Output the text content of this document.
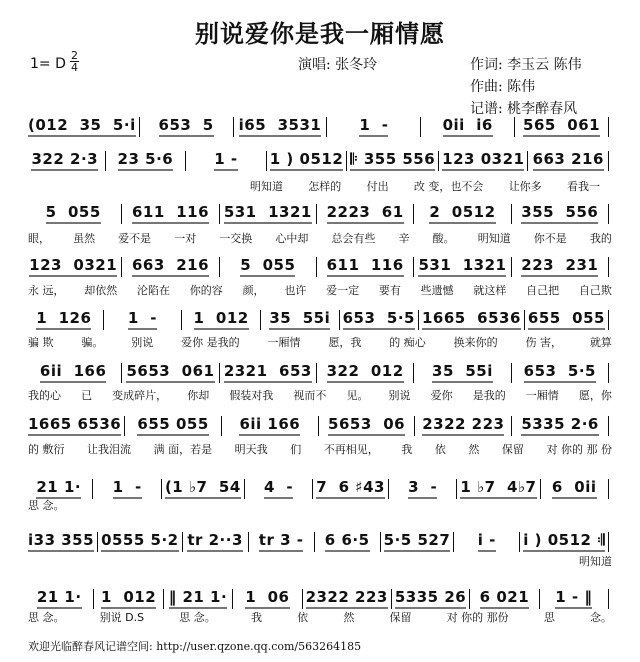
别说爱你是我一厢情愿
1= D
2
4	演唱: 张冬玲	作词: 李玉云 陈伟
作曲: 陈伟
记谱: 桃李醉春风
(012  35  5·i 653  5 i65  3531	1  -	0ii  i6 565  061
322 2·3 23 5·6	1 - 1 ) 0512 𝄆 355 556 123 0321 663 216
明知道 怎样的 付出 改 变，也不会 让你多 看我一
5  055 611  116 531  1321 2223  61 2  0512 355  556
眼， 虽然 爱不是 一对 一交换 心中却 总会有些 辛 酸。 明知道 你不是 我的
123  0321 663  216 5  055 611  116 531  1321 223  231
永 远， 却依然 沦陷在 你的容 颜， 也许 爱一定 要有 些遗憾 就这样 自己把 自己欺
1  126 1  - 1  012 35  55i 653  5·5 1665  6536 655  055
骗 欺	骗。	别说	爱你 是我的	一厢情	愿，我	的 痴心	换来你的	伤 害，	就算
6ii  166 5653  061 2321  653 322  012 35  55i 653  5·5
我的心 已 变成碎片， 你却 假装对我 视而不 见。 别说 爱你 是我的 一厢情 愿，你
1665 6536 655 055 6ii 166 5653  06 2322 223 5335 2·6
的 敷衍 让我泪流 满 面，若是 明天我 们 不再相见， 我 依 然 保留 对 你的 那 份
21 1· 1  - (1 ♭7  54 4  - 7  6 ♯43 3  - 1 ♭7  4♭7 6  0ii
思 念。
i33 355 0555 5·2 tr 2··3 tr 3 - 6 6·5 5·5 527 i - i ) 0512 𝄇
明知道
21 1· 1  012 ‖ 21 1· 1  06 2322 223 5335 26 6 021 1 - ‖
思 念。	别说 D.S	思 念。	我	依	然	保留	对 你的 那份	思	念。
欢迎光临醉春风记谱空间: http://user.qzone.qq.com/563264185
